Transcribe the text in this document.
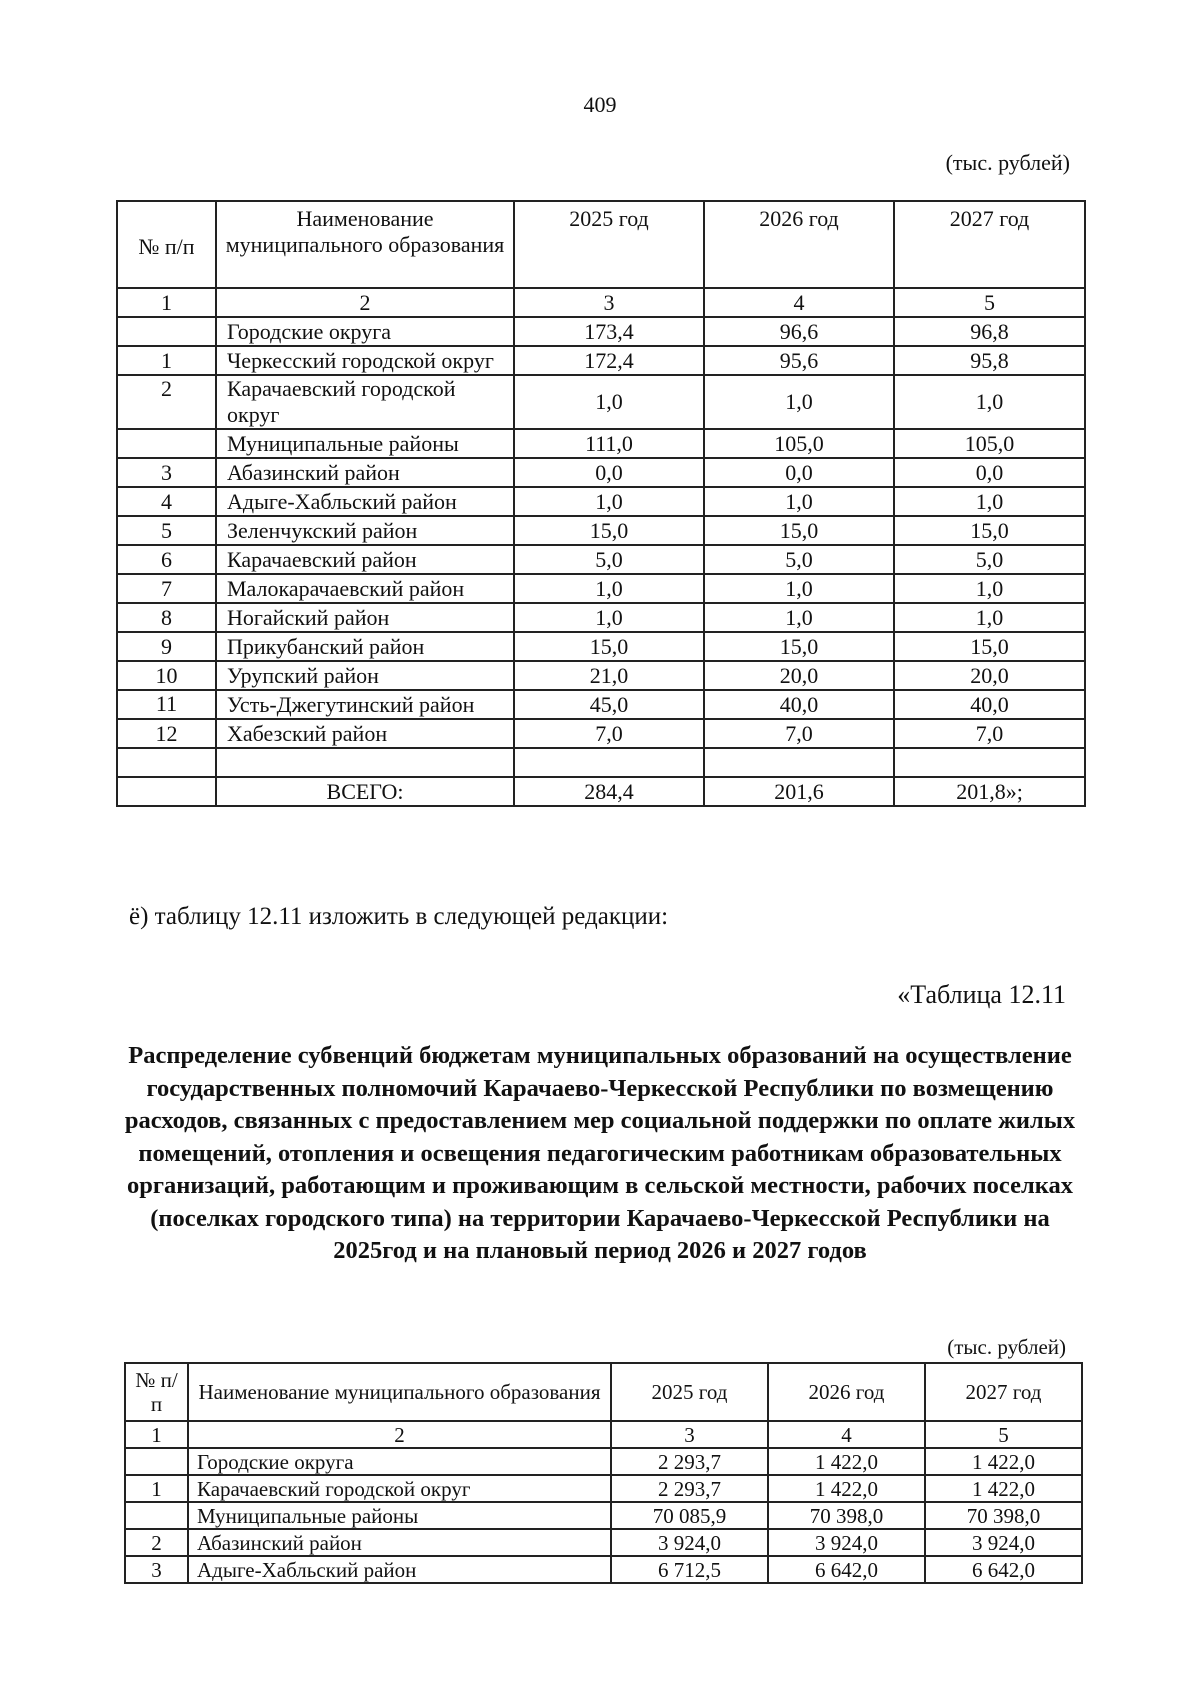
409
(тыс. рублей)
№ п/п	Наименование муниципального образования	2025 год	2026 год	2027 год
1	2	3	4	5
	Городские округа	173,4	96,6	96,8
1	Черкесский городской округ	172,4	95,6	95,8
2	Карачаевский городской округ	1,0	1,0	1,0
	Муниципальные районы	111,0	105,0	105,0
3	Абазинский район	0,0	0,0	0,0
4	Адыге-Хабльский район	1,0	1,0	1,0
5	Зеленчукский район	15,0	15,0	15,0
6	Карачаевский район	5,0	5,0	5,0
7	Малокарачаевский район	1,0	1,0	1,0
8	Ногайский район	1,0	1,0	1,0
9	Прикубанский район	15,0	15,0	15,0
10	Урупский район	21,0	20,0	20,0
11	Усть-Джегутинский район	45,0	40,0	40,0
12	Хабезский район	7,0	7,0	7,0

	ВСЕГО:	284,4	201,6	201,8»;
ё) таблицу 12.11 изложить в следующей редакции:
«Таблица 12.11
Распределение субвенций бюджетам муниципальных образований на осуществление государственных полномочий Карачаево-Черкесской Республики по возмещению расходов, связанных с предоставлением мер социальной поддержки по оплате жилых помещений, отопления и освещения педагогическим работникам образовательных организаций, работающим и проживающим в сельской местности, рабочих поселках (поселках городского типа) на территории Карачаево-Черкесской Республики на 2025год и на плановый период 2026 и 2027 годов
(тыс. рублей)
№ п/п	Наименование муниципального образования	2025 год	2026 год	2027 год
1	2	3	4	5
	Городские округа	2 293,7	1 422,0	1 422,0
1	Карачаевский городской округ	2 293,7	1 422,0	1 422,0
	Муниципальные районы	70 085,9	70 398,0	70 398,0
2	Абазинский район	3 924,0	3 924,0	3 924,0
3	Адыге-Хабльский район	6 712,5	6 642,0	6 642,0
